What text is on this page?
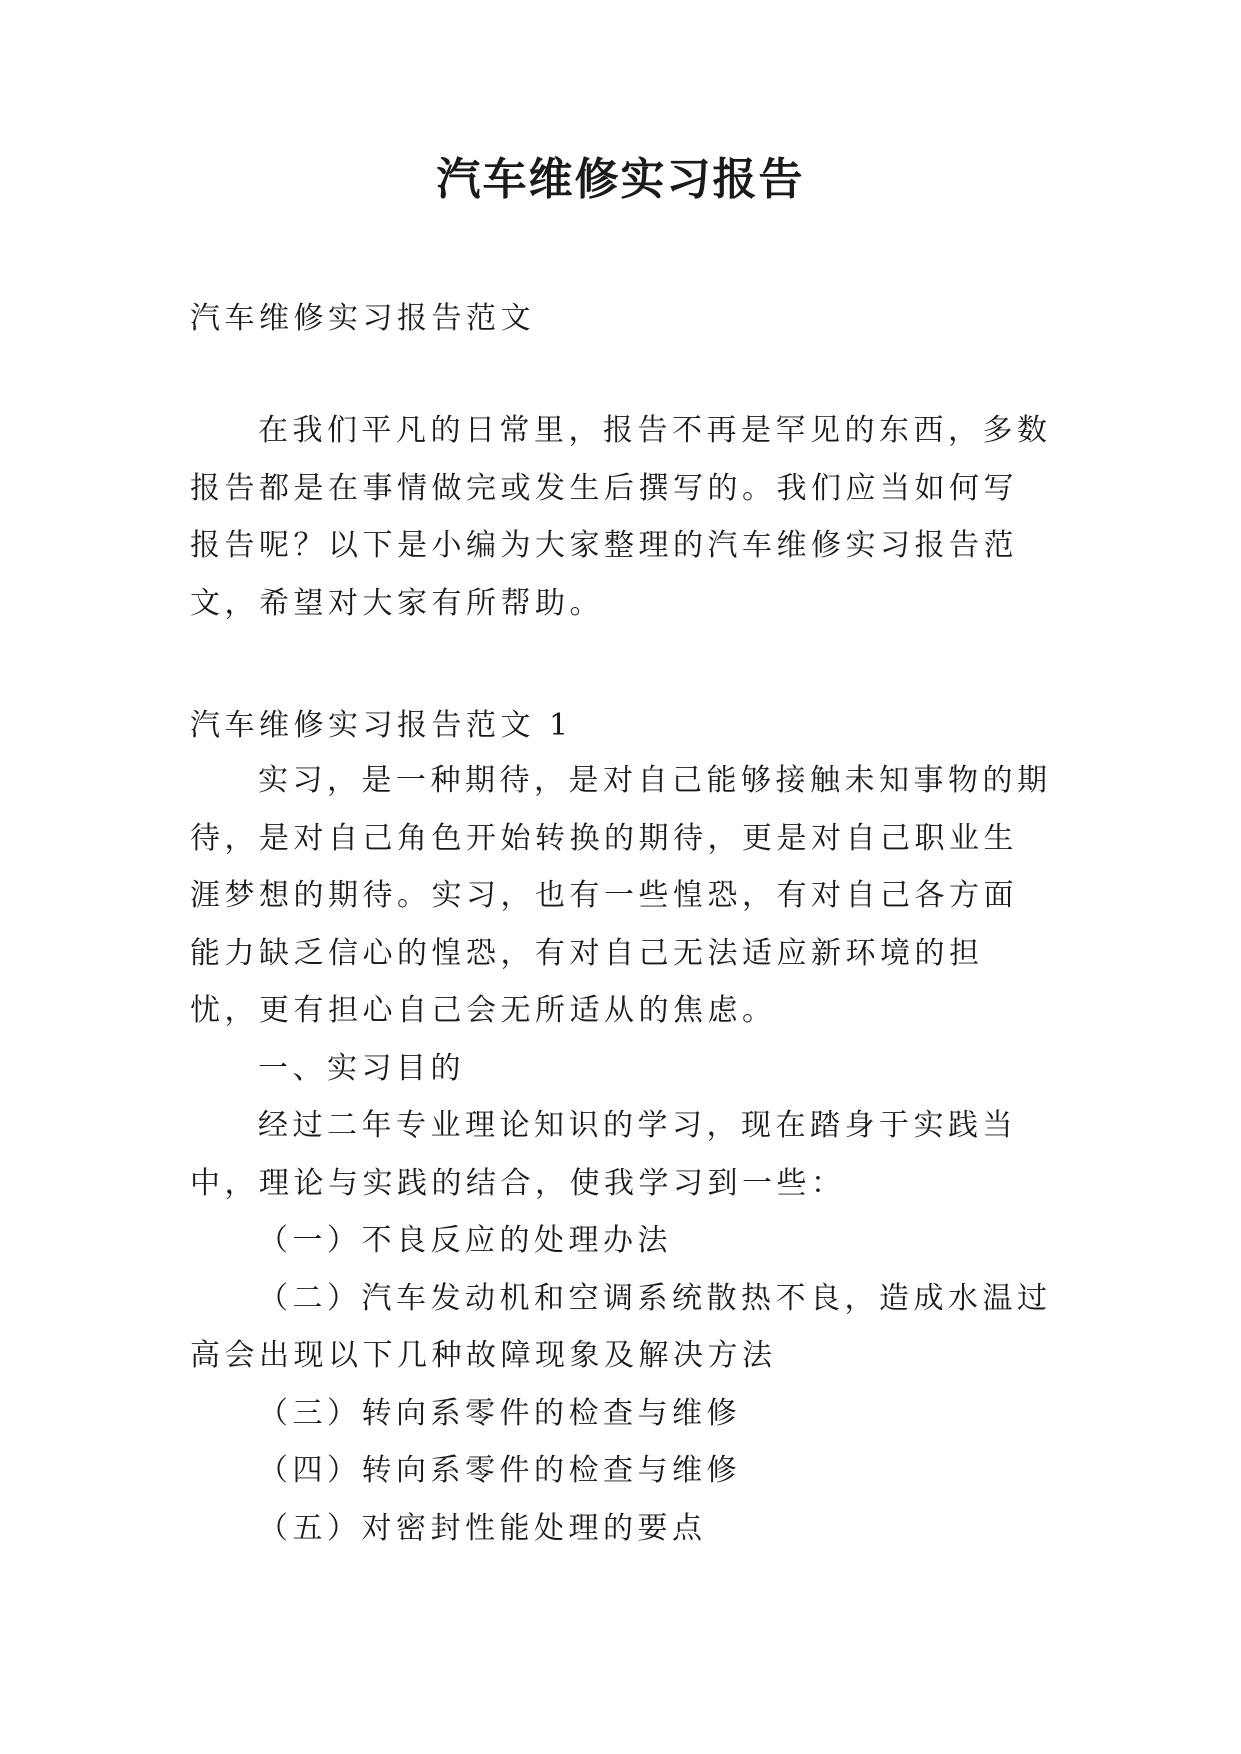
汽车维修实习报告

汽车维修实习报告范文

在我们平凡的日常里，报告不再是罕见的东西，多数报告都是在事情做完或发生后撰写的。我们应当如何写报告呢？以下是小编为大家整理的汽车维修实习报告范文，希望对大家有所帮助。

汽车维修实习报告范文 1

实习，是一种期待，是对自己能够接触未知事物的期待，是对自己角色开始转换的期待，更是对自己职业生涯梦想的期待。实习，也有一些惶恐，有对自己各方面能力缺乏信心的惶恐，有对自己无法适应新环境的担忧，更有担心自己会无所适从的焦虑。

一、实习目的

经过二年专业理论知识的学习，现在踏身于实践当中，理论与实践的结合，使我学习到一些：

（一）不良反应的处理办法

（二）汽车发动机和空调系统散热不良，造成水温过高会出现以下几种故障现象及解决方法

（三）转向系零件的检查与维修

（四）转向系零件的检查与维修

（五）对密封性能处理的要点
